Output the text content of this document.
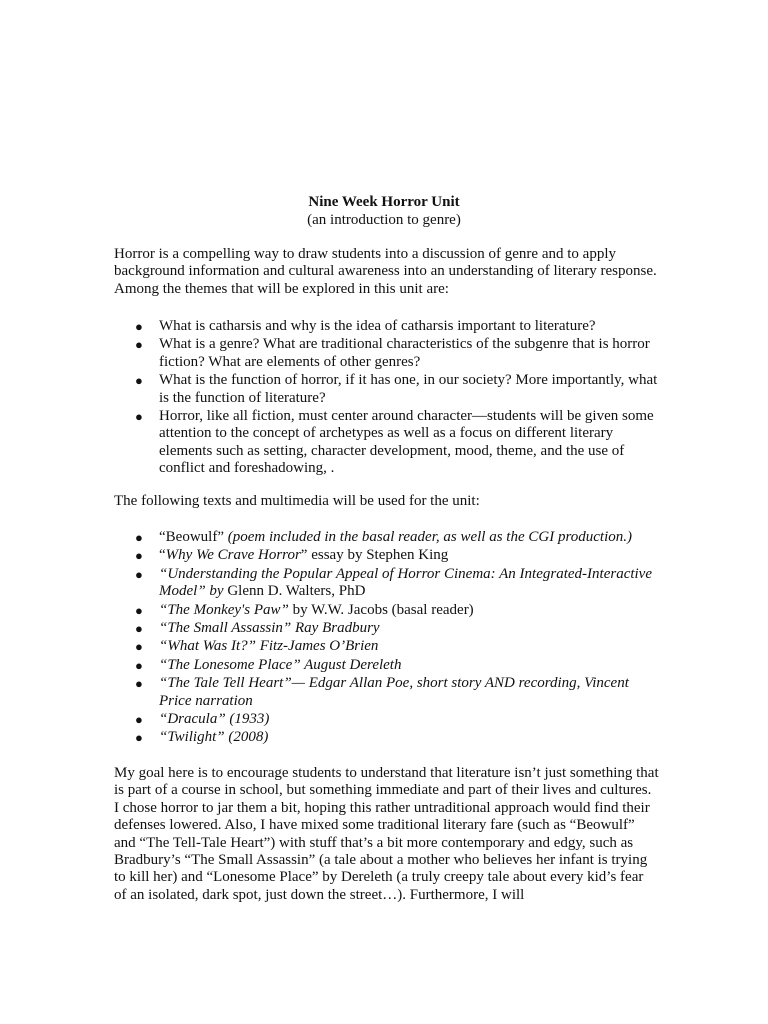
Nine Week Horror Unit
(an introduction to genre)

Horror is a compelling way to draw students into a discussion of genre and to apply background information and cultural awareness into an understanding of literary response. Among the themes that will be explored in this unit are:

● What is catharsis and why is the idea of catharsis important to literature?
● What is a genre? What are traditional characteristics of the subgenre that is horror fiction? What are elements of other genres?
● What is the function of horror, if it has one, in our society? More importantly, what is the function of literature?
● Horror, like all fiction, must center around character—students will be given some attention to the concept of archetypes as well as a focus on different literary elements such as setting, character development, mood, theme, and the use of conflict and foreshadowing, .

The following texts and multimedia will be used for the unit:

● “Beowulf” (poem included in the basal reader, as well as the CGI production.)
● “Why We Crave Horror” essay by Stephen King
● “Understanding the Popular Appeal of Horror Cinema: An Integrated-Interactive Model” by Glenn D. Walters, PhD
● “The Monkey's Paw” by W.W. Jacobs (basal reader)
● “The Small Assassin” Ray Bradbury
● “What Was It?” Fitz-James O’Brien
● “The Lonesome Place” August Dereleth
● “The Tale Tell Heart”— Edgar Allan Poe, short story AND recording, Vincent Price narration
● “Dracula” (1933)
● “Twilight” (2008)

My goal here is to encourage students to understand that literature isn’t just something that is part of a course in school, but something immediate and part of their lives and cultures. I chose horror to jar them a bit, hoping this rather untraditional approach would find their defenses lowered. Also, I have mixed some traditional literary fare (such as “Beowulf” and “The Tell-Tale Heart”) with stuff that’s a bit more contemporary and edgy, such as Bradbury’s “The Small Assassin” (a tale about a mother who believes her infant is trying to kill her) and “Lonesome Place” by Dereleth (a truly creepy tale about every kid’s fear of an isolated, dark spot, just down the street…). Furthermore, I will
